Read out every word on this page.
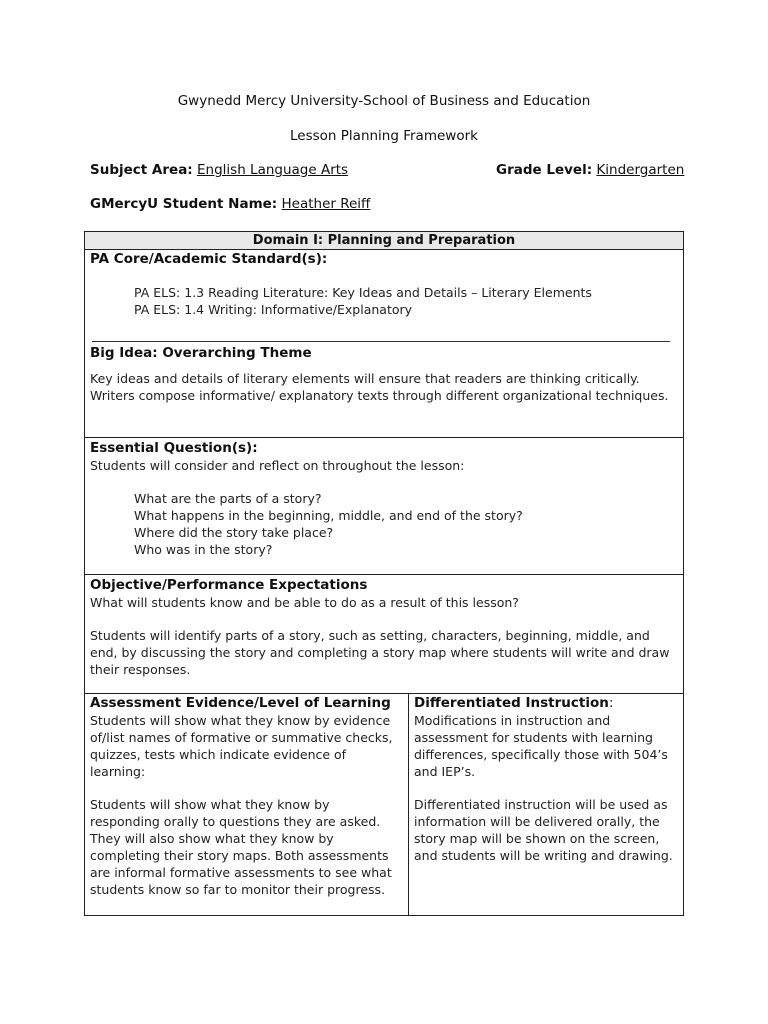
Gwynedd Mercy University-School of Business and Education
Lesson Planning Framework
Subject Area: English Language Arts	Grade Level: Kindergarten
GMercyU Student Name: Heather Reiff
Domain I: Planning and Preparation
PA Core/Academic Standard(s):
PA ELS: 1.3 Reading Literature: Key Ideas and Details – Literary Elements
PA ELS: 1.4 Writing: Informative/Explanatory
Big Idea: Overarching Theme
Key ideas and details of literary elements will ensure that readers are thinking critically. Writers compose informative/ explanatory texts through different organizational techniques.
Essential Question(s):
Students will consider and reflect on throughout the lesson:
What are the parts of a story?
What happens in the beginning, middle, and end of the story?
Where did the story take place?
Who was in the story?
Objective/Performance Expectations
What will students know and be able to do as a result of this lesson?
Students will identify parts of a story, such as setting, characters, beginning, middle, and end, by discussing the story and completing a story map where students will write and draw their responses.
Assessment Evidence/Level of Learning
Students will show what they know by evidence of/list names of formative or summative checks, quizzes, tests which indicate evidence of learning:
Students will show what they know by responding orally to questions they are asked. They will also show what they know by completing their story maps. Both assessments are informal formative assessments to see what students know so far to monitor their progress.
Differentiated Instruction:
Modifications in instruction and assessment for students with learning differences, specifically those with 504’s and IEP’s.
Differentiated instruction will be used as information will be delivered orally, the story map will be shown on the screen, and students will be writing and drawing.
